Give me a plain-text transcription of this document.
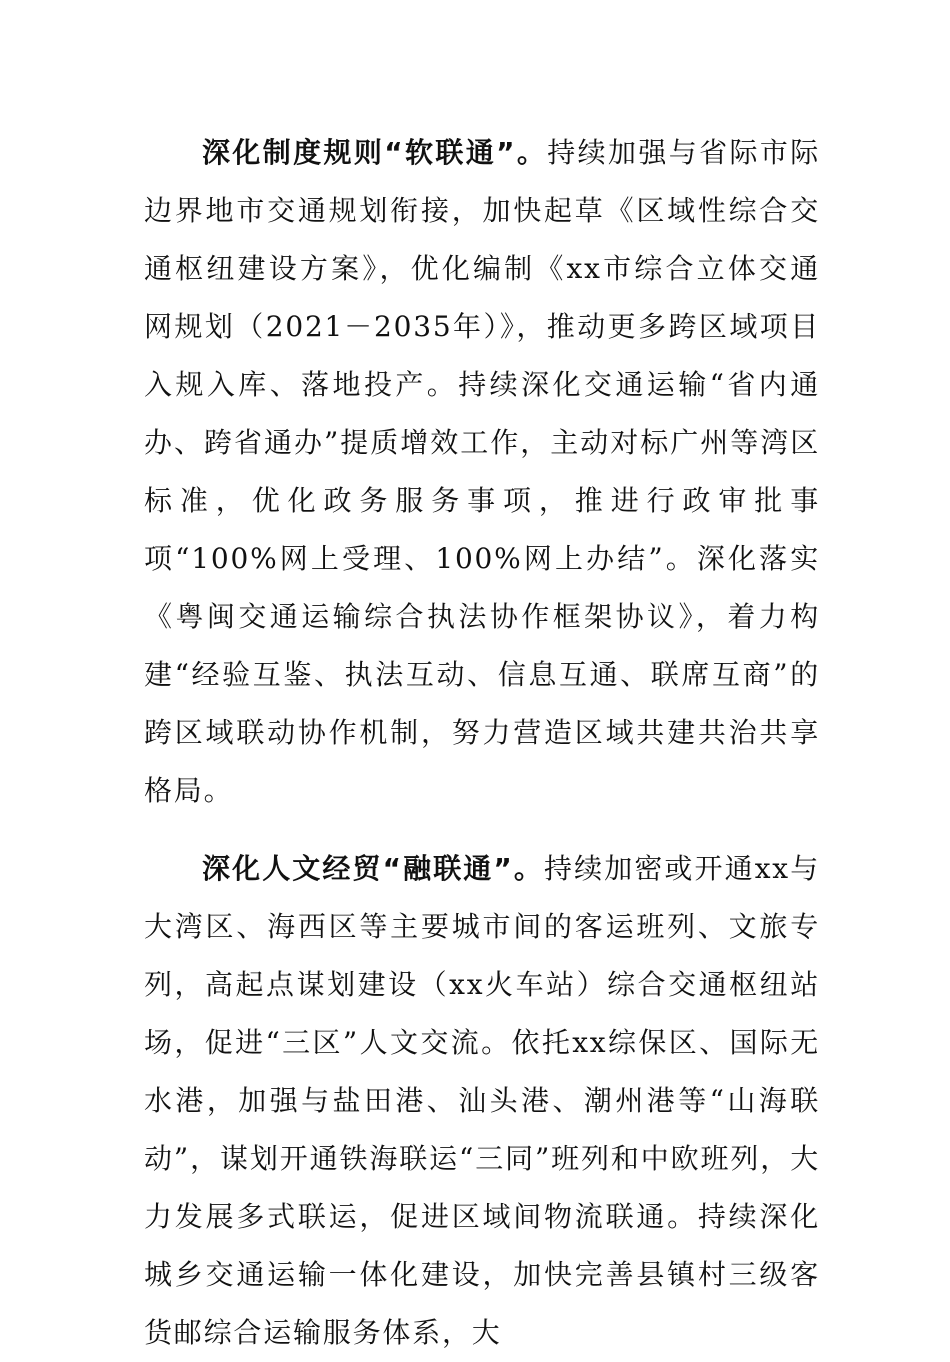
深化制度规则“软联通”。持续加强与省际市际边界地市交通规划衔接，加快起草《区域性综合交通枢纽建设方案》，优化编制《xx市综合立体交通网规划（2021－2035年）》，推动更多跨区域项目入规入库、落地投产。持续深化交通运输“省内通办、跨省通办”提质增效工作，主动对标广州等湾区标准，优化政务服务事项，推进行政审批事项“100%网上受理、100%网上办结”。深化落实《粤闽交通运输综合执法协作框架协议》，着力构建“经验互鉴、执法互动、信息互通、联席互商”的跨区域联动协作机制，努力营造区域共建共治共享格局。

深化人文经贸“融联通”。持续加密或开通xx与大湾区、海西区等主要城市间的客运班列、文旅专列，高起点谋划建设（xx火车站）综合交通枢纽站场，促进“三区”人文交流。依托xx综保区、国际无水港，加强与盐田港、汕头港、潮州港等“山海联动”，谋划开通铁海联运“三同”班列和中欧班列，大力发展多式联运，促进区域间物流联通。持续深化城乡交通运输一体化建设，加快完善县镇村三级客货邮综合运输服务体系，大
